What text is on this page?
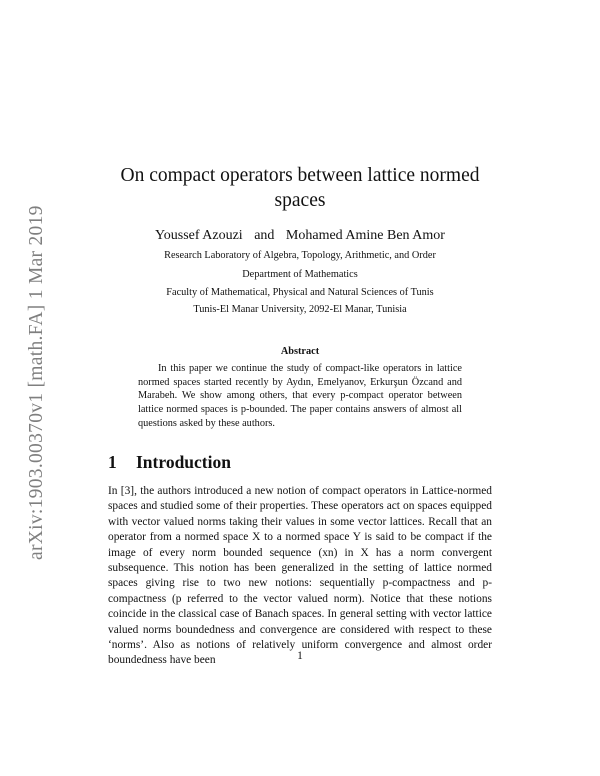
arXiv:1903.00370v1 [math.FA] 1 Mar 2019
On compact operators between lattice normed spaces
Youssef Azouzi and Mohamed Amine Ben Amor
Research Laboratory of Algebra, Topology, Arithmetic, and Order
Department of Mathematics
Faculty of Mathematical, Physical and Natural Sciences of Tunis
Tunis-El Manar University, 2092-El Manar, Tunisia
Abstract
In this paper we continue the study of compact-like operators in lattice normed spaces started recently by Aydın, Emelyanov, Erkurşun Özcand and Marabeh. We show among others, that every p-compact operator between lattice normed spaces is p-bounded. The paper contains answers of almost all questions asked by these authors.
1 Introduction
In [3], the authors introduced a new notion of compact operators in Lattice-normed spaces and studied some of their properties. These operators act on spaces equipped with vector valued norms taking their values in some vector lattices. Recall that an operator from a normed space X to a normed space Y is said to be compact if the image of every norm bounded sequence (xn) in X has a norm convergent subsequence. This notion has been generalized in the setting of lattice normed spaces giving rise to two new notions: sequentially p-compactness and p-compactness (p referred to the vector valued norm). Notice that these notions coincide in the classical case of Banach spaces. In general setting with vector lattice valued norms boundedness and convergence are considered with respect to these ‘norms’. Also as notions of relatively uniform convergence and almost order boundedness have been	1
